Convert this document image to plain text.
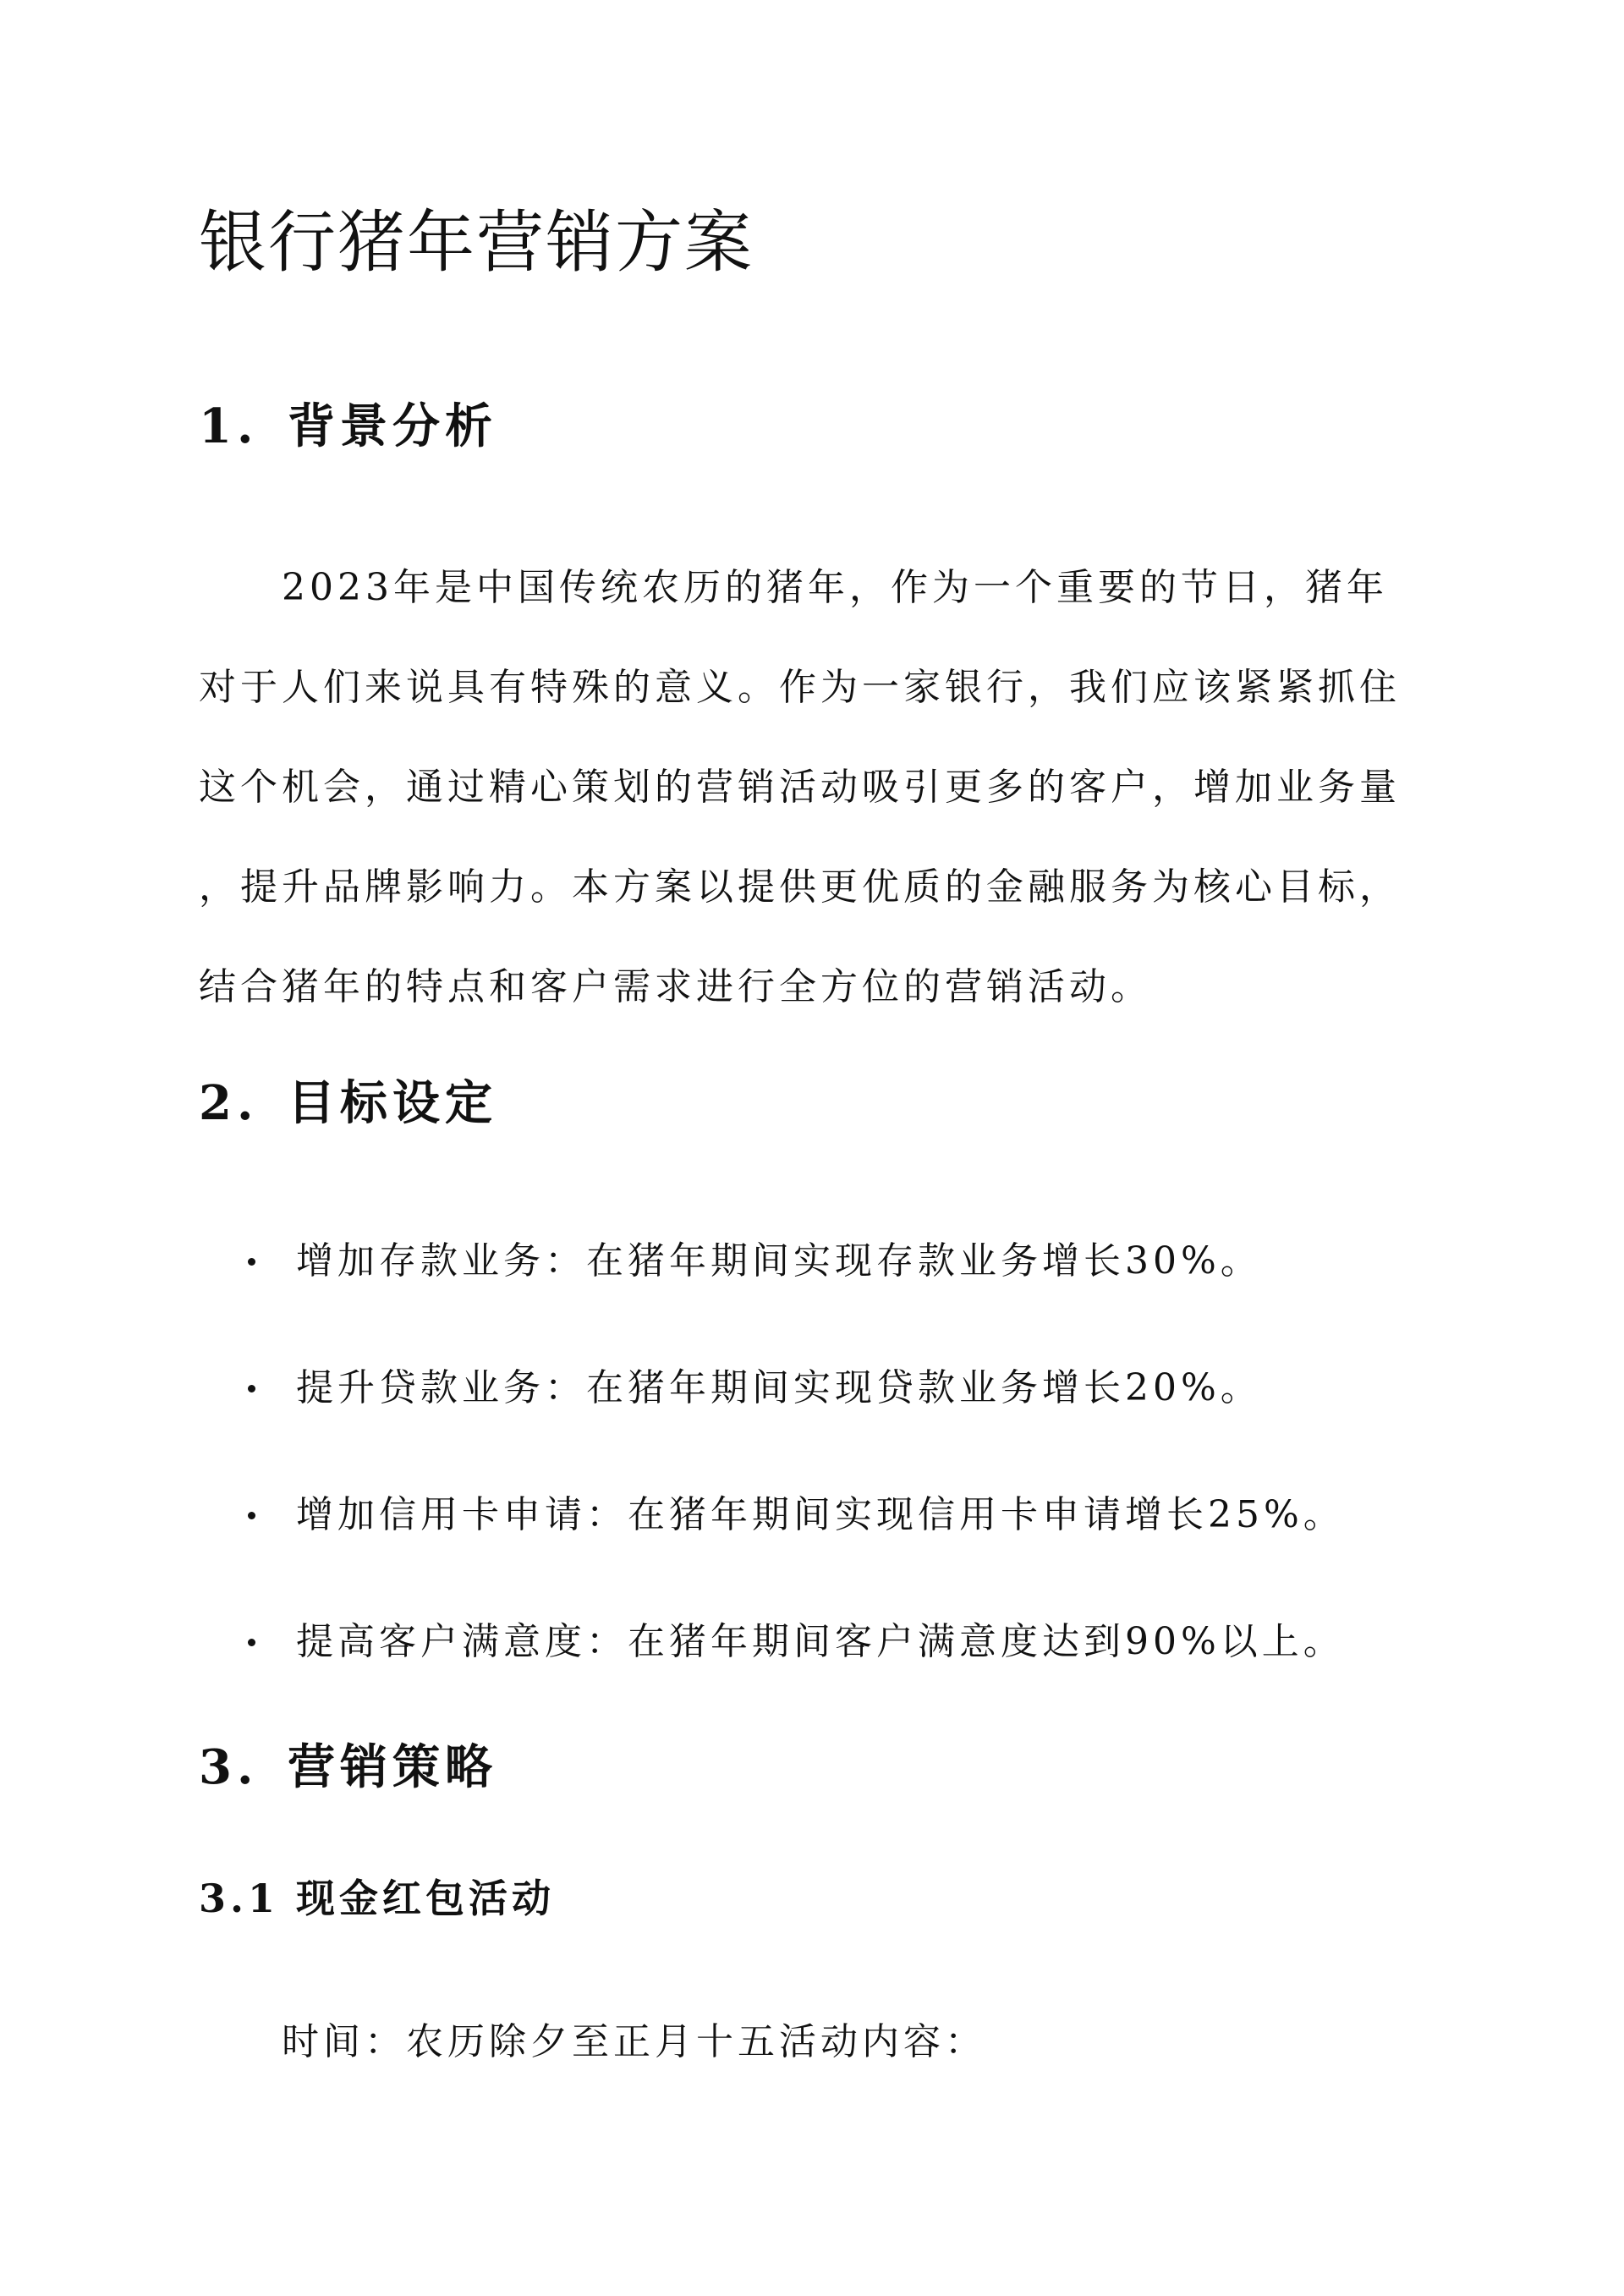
银行猪年营销方案
1. 背景分析
2023年是中国传统农历的猪年，作为一个重要的节日，猪年
对于人们来说具有特殊的意义。作为一家银行，我们应该紧紧抓住
这个机会，通过精心策划的营销活动吸引更多的客户，增加业务量
，提升品牌影响力。本方案以提供更优质的金融服务为核心目标，
结合猪年的特点和客户需求进行全方位的营销活动。
2. 目标设定
增加存款业务：在猪年期间实现存款业务增长30%。
提升贷款业务：在猪年期间实现贷款业务增长20%。
增加信用卡申请：在猪年期间实现信用卡申请增长25%。
提高客户满意度：在猪年期间客户满意度达到90%以上。
3. 营销策略
3.1 现金红包活动

时间：农历除夕至正月十五活动内容：
